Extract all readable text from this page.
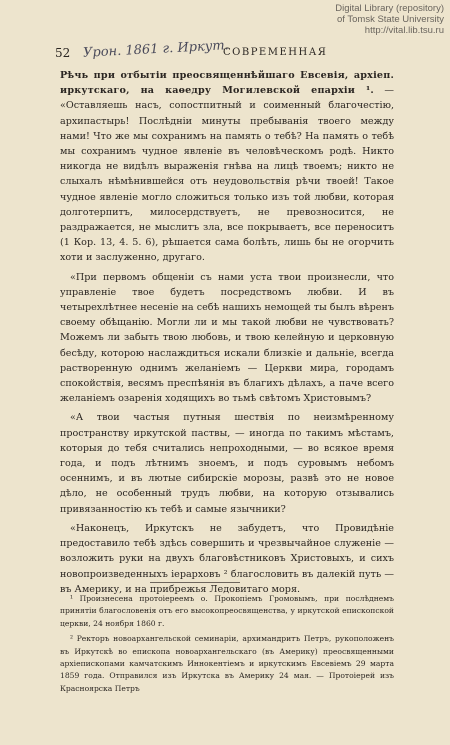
Digital Library (repository)
of Tomsk State University
http://vital.lib.tsu.ru
52 Урон. 1861 г. Иркут.
СОВРЕМЕННАЯ

Рѣчь при отбытіи преосвященнѣйшаго Евсевія, архіеп. иркутскаго, на каѳедру Могилевской епархіи ¹. — «Оставляешь насъ, сопостпитный и соименный благочестію, архипастырь! Послѣдніи минуты пребыванія твоего между нами! Что же мы сохранимъ на память о тебѣ? На память о тебѣ мы сохранимъ чудное явленіе въ человѣческомъ родѣ. Никто никогда не видѣлъ выраженія гнѣва на лицѣ твоемъ; никто не слыхалъ нѣмѣнившейся отъ неудовольствія рѣчи твоей! Такое чудное явленіе могло сложиться только изъ той любви, которая долготерпитъ, милосердствуетъ, не превозносится, не раздражается, не мыслитъ зла, все покрываетъ, все переноситъ (1 Кор. 13, 4. 5. 6), рѣшается сама болѣть, лишь бы не огорчить хоти и заслуженно, другаго.

«При первомъ общеніи съ нами уста твои произнесли, что управленіе твое будетъ посредствомъ любви. И въ четырехлѣтнее несеніе на себѣ нашихъ немощей ты былъ вѣренъ своему обѣщанію. Могли ли и мы такой любви не чувствовать? Можемъ ли забыть твою любовь, и твою келейную и церковную бесѣду, которою наслаждиться искали близкіе и дальніе, всегда растворенную однимъ желаніемъ — Церкви мира, городамъ спокойствія, весямъ преспѣянія въ благихъ дѣлахъ, а паче всего желаніемъ озаренія ходящихъ во тьмѣ свѣтомъ Христовымъ?

«А твои частыя путныя шествія по неизмѣренному пространству иркутской паствы, — иногда по такимъ мѣстамъ, которыя до тебя считались непроходными, — во всякое время года, и подъ лѣтнимъ зноемъ, и подъ суровымъ небомъ осеннимъ, и въ лютые сибирскіе морозы, развѣ это не новое дѣло, не особенный трудъ любви, на которую отзывались привязанностію къ тебѣ и самые язычники?

«Наконецъ, Иркутскъ не забудетъ, что Провидѣніе предоставило тебѣ здѣсь совершить и чрезвычайное служеніе — возложить руки на двухъ благовѣстниковъ Христовыхъ, и сихъ новопроизведенныхъ іерарховъ ² благословить въ далекій путь — въ Америку, и на прибрежья Ледовитаго моря.

¹ Произнесена протоіереемъ о. Прокопіемъ Громовымъ, при послѣднемъ принятіи благословенія отъ его высокопреосвященства, у иркутской епископской церкви, 24 ноября 1860 г.

² Ректоръ новоархангельской семинаріи, архимандритъ Петръ, рукоположенъ въ Иркутскѣ во епископа новоархангельскаго (въ Америку) преосвященными архіепископами камчатскимъ Иннокентіемъ и иркутскимъ Евсевіемъ 29 марта 1859 года. Отправился изъ Иркутска въ Америку 24 мая. — Протоіерей изъ Красноярска Петръ
